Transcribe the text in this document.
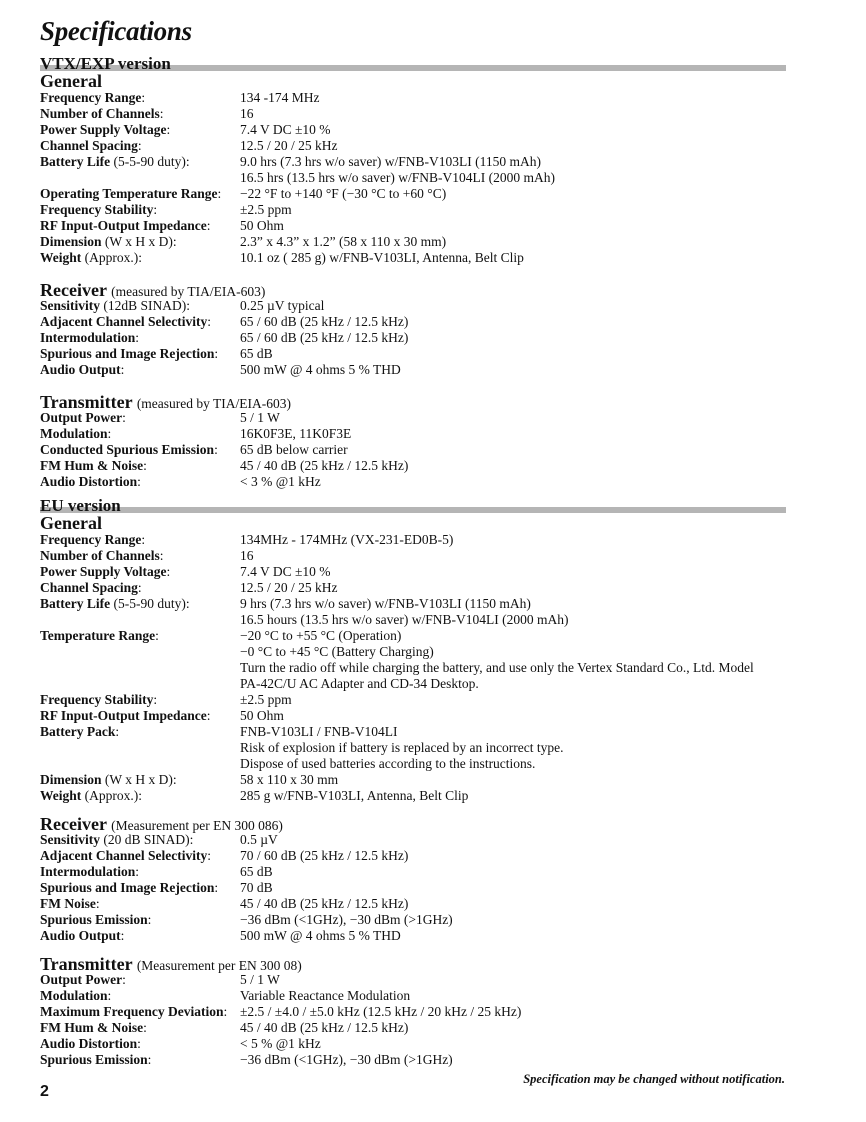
Specifications
VTX/EXP version
General
Frequency Range:	134 -174 MHz
Number of Channels:	16
Power Supply Voltage:	7.4 V DC ±10 %
Channel Spacing:	12.5 / 20 / 25 kHz
Battery Life (5-5-90 duty):	9.0 hrs (7.3 hrs w/o saver) w/FNB-V103LI (1150 mAh)
16.5 hrs (13.5 hrs w/o saver) w/FNB-V104LI (2000 mAh)
Operating Temperature Range: −22 °F to +140 °F (−30 °C to +60 °C)
Frequency Stability:	±2.5 ppm
RF Input-Output Impedance: 50 Ohm
Dimension (W x H x D):	2.3” x 4.3” x 1.2” (58 x 110 x 30 mm)
Weight (Approx.):	10.1 oz ( 285 g) w/FNB-V103LI, Antenna, Belt Clip
Receiver (measured by TIA/EIA-603)
Sensitivity (12dB SINAD):	0.25 µV typical
Adjacent Channel Selectivity: 65 / 60 dB (25 kHz / 12.5 kHz)
Intermodulation:	65 / 60 dB (25 kHz / 12.5 kHz)
Spurious and Image Rejection: 65 dB
Audio Output:	500 mW @ 4 ohms 5 % THD
Transmitter (measured by TIA/EIA-603)
Output Power:	5 / 1 W
Modulation:	16K0F3E, 11K0F3E
Conducted Spurious Emission: 65 dB below carrier
FM Hum & Noise:	45 / 40 dB (25 kHz / 12.5 kHz)
Audio Distortion:	< 3 % @1 kHz
EU version
General
Frequency Range:	134MHz - 174MHz (VX-231-ED0B-5)
Number of Channels:	16
Power Supply Voltage:	7.4 V DC ±10 %
Channel Spacing:	12.5 / 20 / 25 kHz
Battery Life (5-5-90 duty):	9 hrs (7.3 hrs w/o saver) w/FNB-V103LI (1150 mAh)
16.5 hours (13.5 hrs w/o saver) w/FNB-V104LI (2000 mAh)
Temperature Range:	−20 °C to +55 °C (Operation)
−0 °C to +45 °C (Battery Charging)
Turn the radio off while charging the battery, and use only the Vertex Standard Co., Ltd. Model
PA-42C/U AC Adapter and CD-34 Desktop.
Frequency Stability:	±2.5 ppm
RF Input-Output Impedance: 50 Ohm
Battery Pack:	FNB-V103LI / FNB-V104LI
Risk of explosion if battery is replaced by an incorrect type.
Dispose of used batteries according to the instructions.
Dimension (W x H x D):	58 x 110 x 30 mm
Weight (Approx.):	285 g w/FNB-V103LI, Antenna, Belt Clip
Receiver (Measurement per EN 300 086)
Sensitivity (20 dB SINAD):	0.5 µV
Adjacent Channel Selectivity: 70 / 60 dB (25 kHz / 12.5 kHz)
Intermodulation:	65 dB
Spurious and Image Rejection: 70 dB
FM Noise:	45 / 40 dB (25 kHz / 12.5 kHz)
Spurious Emission:	−36 dBm (<1GHz), −30 dBm (>1GHz)
Audio Output:	500 mW @ 4 ohms 5 % THD
Transmitter (Measurement per EN 300 08)
Output Power:	5 / 1 W
Modulation:	Variable Reactance Modulation
Maximum Frequency Deviation: ±2.5 / ±4.0 / ±5.0 kHz (12.5 kHz / 20 kHz / 25 kHz)
FM Hum & Noise:	45 / 40 dB (25 kHz / 12.5 kHz)
Audio Distortion:	< 5 % @1 kHz
Spurious Emission:	−36 dBm (<1GHz), −30 dBm (>1GHz)
Specification may be changed without notification.
2
